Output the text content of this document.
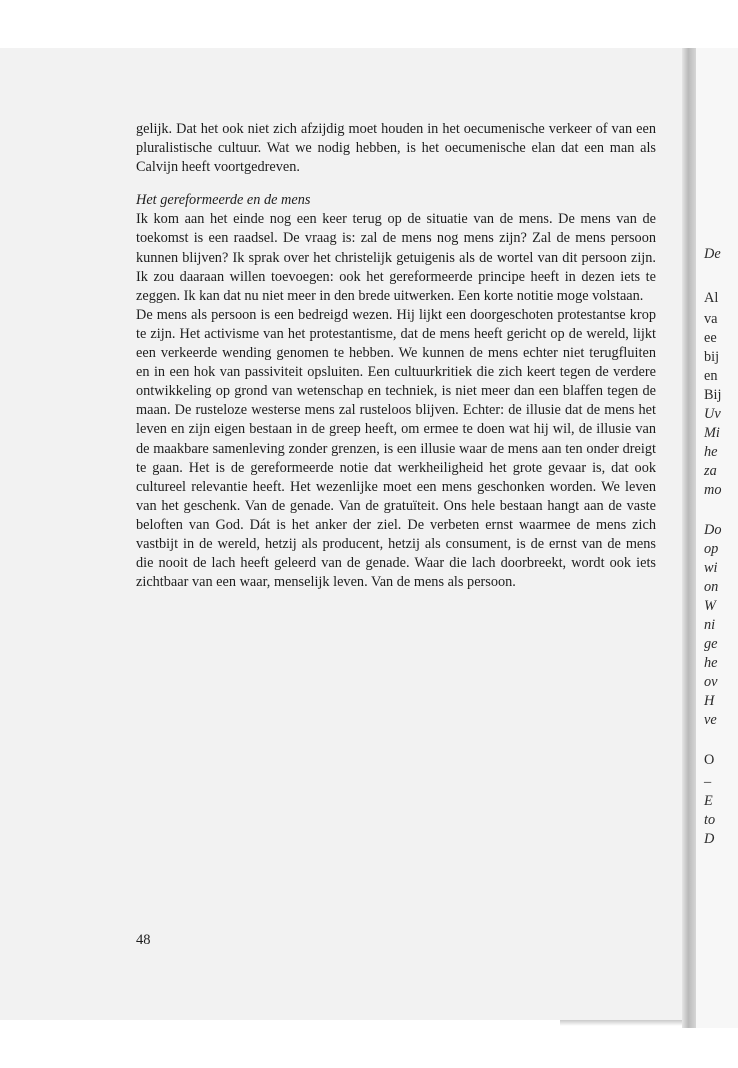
gelijk. Dat het ook niet zich afzijdig moet houden in het oecumenische verkeer of van een pluralistische cultuur. Wat we nodig hebben, is het oecumenische elan dat een man als Calvijn heeft voortgedreven.

Het gereformeerde en de mens

Ik kom aan het einde nog een keer terug op de situatie van de mens. De mens van de toekomst is een raadsel. De vraag is: zal de mens nog mens zijn? Zal de mens persoon kunnen blijven? Ik sprak over het christelijk getuigenis als de wortel van dit persoon zijn. Ik zou daaraan willen toevoegen: ook het gereformeerde principe heeft in dezen iets te zeggen. Ik kan dat nu niet meer in den brede uitwerken. Een korte notitie moge volstaan.

De mens als persoon is een bedreigd wezen. Hij lijkt een doorgeschoten protestantse krop te zijn. Het activisme van het protestantisme, dat de mens heeft gericht op de wereld, lijkt een verkeerde wending genomen te hebben. We kunnen de mens echter niet terugfluiten en in een hok van passiviteit opsluiten. Een cultuurkritiek die zich keert tegen de verdere ontwikkeling op grond van wetenschap en techniek, is niet meer dan een blaffen tegen de maan. De rusteloze westerse mens zal rusteloos blijven. Echter: de illusie dat de mens het leven en zijn eigen bestaan in de greep heeft, om ermee te doen wat hij wil, de illusie van de maakbare samenleving zonder grenzen, is een illusie waar de mens aan ten onder dreigt te gaan. Het is de gereformeerde notie dat werkheiligheid het grote gevaar is, dat ook cultureel relevantie heeft. Het wezenlijke moet een mens geschonken worden. We leven van het geschenk. Van de genade. Van de gratuïteit. Ons hele bestaan hangt aan de vaste beloften van God. Dát is het anker der ziel. De verbeten ernst waarmee de mens zich vastbijt in de wereld, hetzij als producent, hetzij als consument, is de ernst van de mens die nooit de lach heeft geleerd van de genade. Waar die lach doorbreekt, wordt ook iets zichtbaar van een waar, menselijk leven. Van de mens als persoon.

48
De
Al
va
ee
bij
en
Bij
Uv
Mi
he
za
mo
Do
op
wi
on
W
ni
ge
he
ov
H
ve
O
–
E
to
D
